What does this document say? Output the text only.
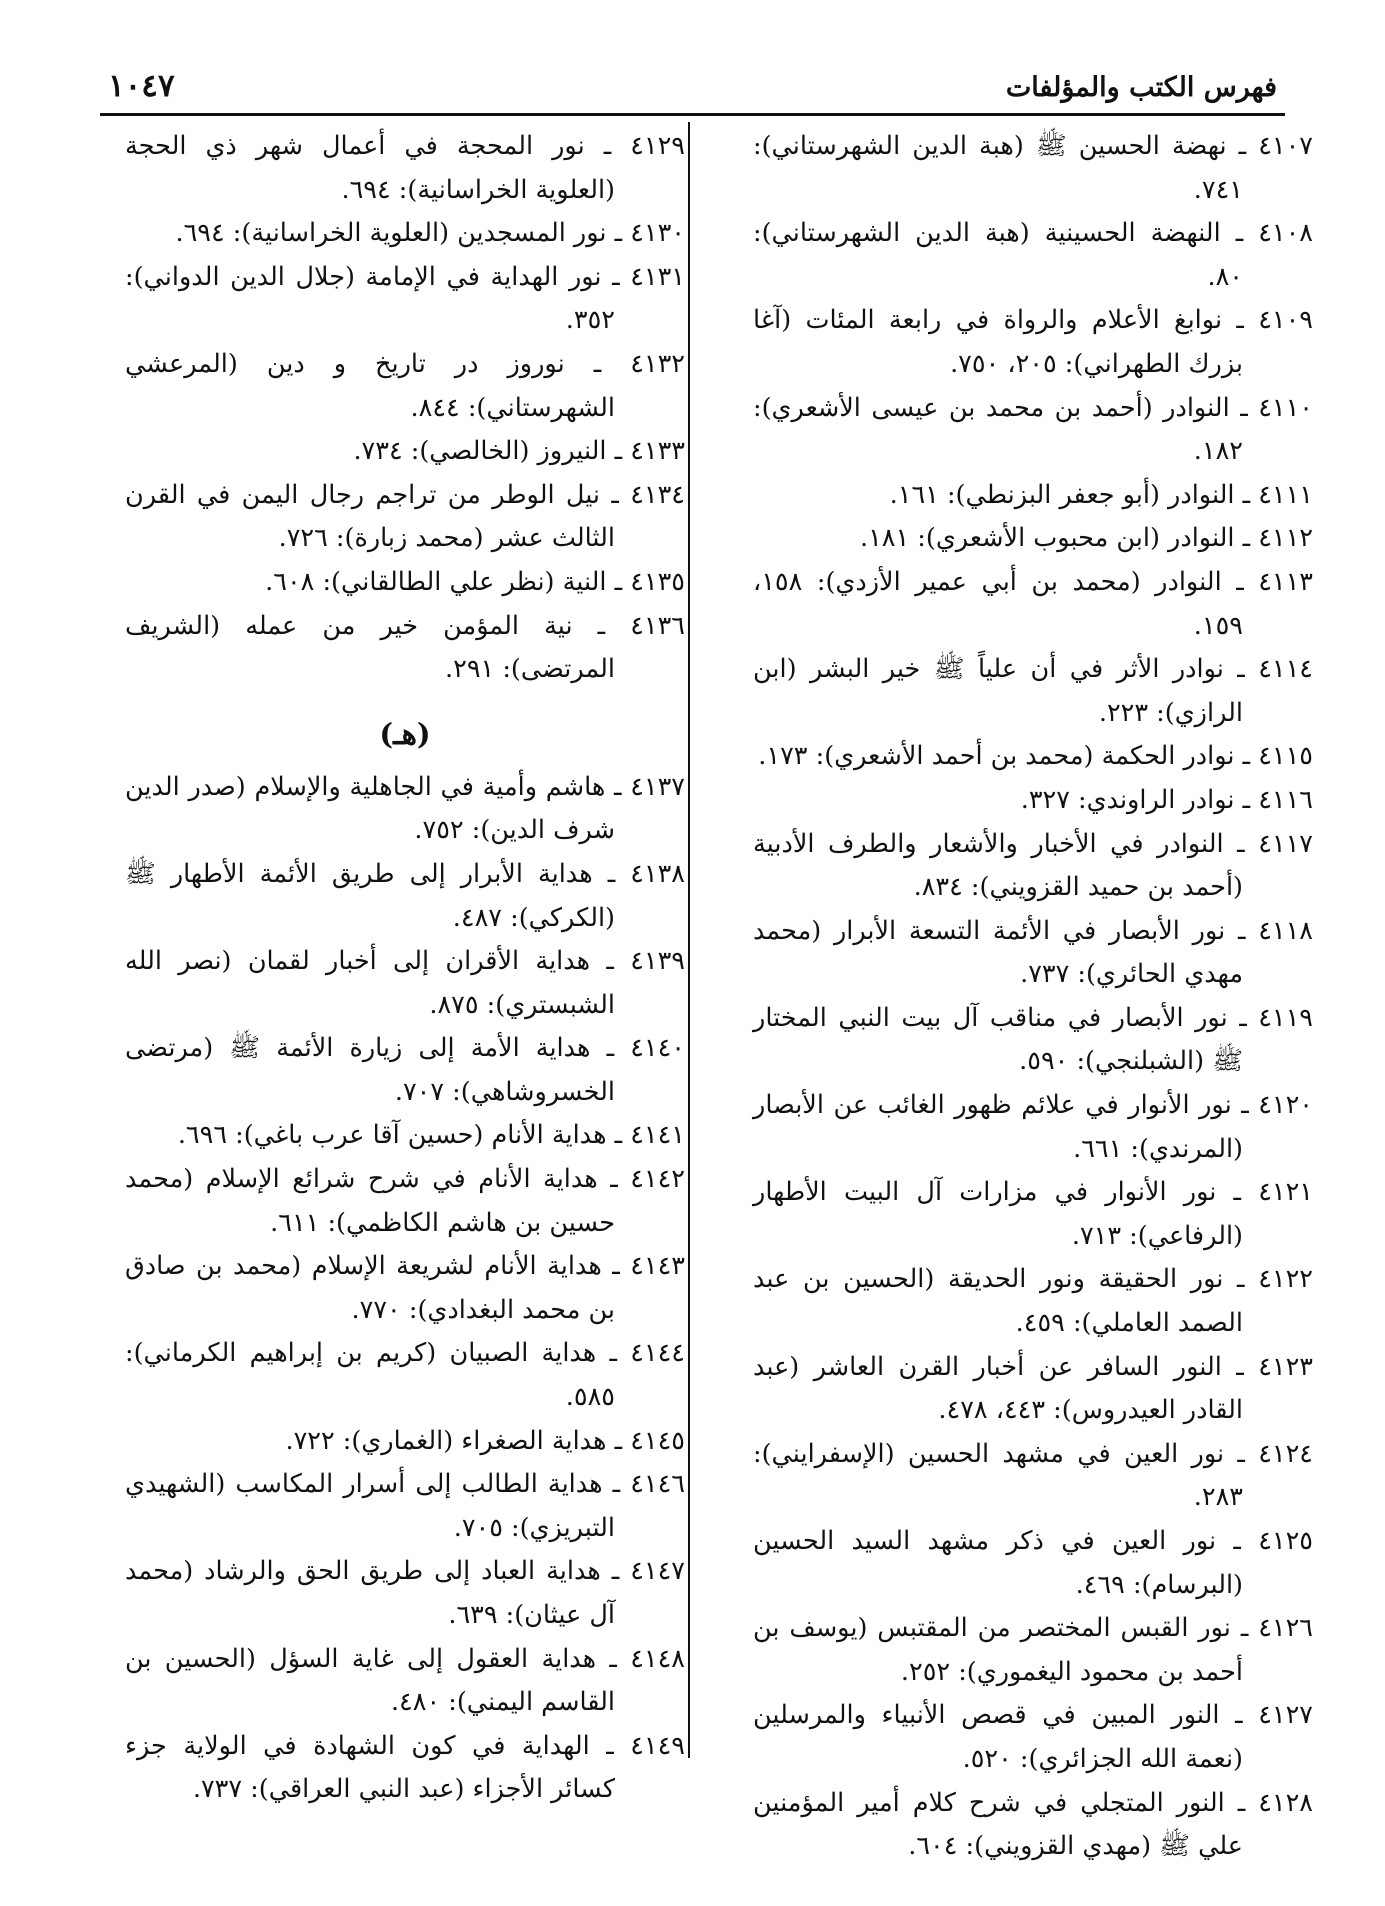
فهرس الكتب والمؤلفات
١٠٤٧
٤١٠٧ ـ نهضة الحسين ﷺ (هبة الدين الشهرستاني): ٧٤١.
٤١٠٨ ـ النهضة الحسينية (هبة الدين الشهرستاني): ٨٠.
٤١٠٩ ـ نوابغ الأعلام والرواة في رابعة المئات (آغا بزرك الطهراني): ٢٠٥، ٧٥٠.
٤١١٠ ـ النوادر (أحمد بن محمد بن عيسى الأشعري): ١٨٢.
٤١١١ ـ النوادر (أبو جعفر البزنطي): ١٦١.
٤١١٢ ـ النوادر (ابن محبوب الأشعري): ١٨١.
٤١١٣ ـ النوادر (محمد بن أبي عمير الأزدي): ١٥٨، ١٥٩.
٤١١٤ ـ نوادر الأثر في أن علياً ﷺ خير البشر (ابن الرازي): ٢٢٣.
٤١١٥ ـ نوادر الحكمة (محمد بن أحمد الأشعري): ١٧٣.
٤١١٦ ـ نوادر الراوندي: ٣٢٧.
٤١١٧ ـ النوادر في الأخبار والأشعار والطرف الأدبية (أحمد بن حميد القزويني): ٨٣٤.
٤١١٨ ـ نور الأبصار في الأئمة التسعة الأبرار (محمد مهدي الحائري): ٧٣٧.
٤١١٩ ـ نور الأبصار في مناقب آل بيت النبي المختار ﷺ (الشبلنجي): ٥٩٠.
٤١٢٠ ـ نور الأنوار في علائم ظهور الغائب عن الأبصار (المرندي): ٦٦١.
٤١٢١ ـ نور الأنوار في مزارات آل البيت الأطهار (الرفاعي): ٧١٣.
٤١٢٢ ـ نور الحقيقة ونور الحديقة (الحسين بن عبد الصمد العاملي): ٤٥٩.
٤١٢٣ ـ النور السافر عن أخبار القرن العاشر (عبد القادر العيدروس): ٤٤٣، ٤٧٨.
٤١٢٤ ـ نور العين في مشهد الحسين (الإسفرايني): ٢٨٣.
٤١٢٥ ـ نور العين في ذكر مشهد السيد الحسين (البرسام): ٤٦٩.
٤١٢٦ ـ نور القبس المختصر من المقتبس (يوسف بن أحمد بن محمود اليغموري): ٢٥٢.
٤١٢٧ ـ النور المبين في قصص الأنبياء والمرسلين (نعمة الله الجزائري): ٥٢٠.
٤١٢٨ ـ النور المتجلي في شرح كلام أمير المؤمنين علي ﷺ (مهدي القزويني): ٦٠٤.
٤١٢٩ ـ نور المحجة في أعمال شهر ذي الحجة (العلوية الخراسانية): ٦٩٤.
٤١٣٠ ـ نور المسجدين (العلوية الخراسانية): ٦٩٤.
٤١٣١ ـ نور الهداية في الإمامة (جلال الدين الدواني): ٣٥٢.
٤١٣٢ ـ نوروز در تاريخ و دين (المرعشي الشهرستاني): ٨٤٤.
٤١٣٣ ـ النيروز (الخالصي): ٧٣٤.
٤١٣٤ ـ نيل الوطر من تراجم رجال اليمن في القرن الثالث عشر (محمد زبارة): ٧٢٦.
٤١٣٥ ـ النية (نظر علي الطالقاني): ٦٠٨.
٤١٣٦ ـ نية المؤمن خير من عمله (الشريف المرتضى): ٢٩١.
(هـ)
٤١٣٧ ـ هاشم وأمية في الجاهلية والإسلام (صدر الدين شرف الدين): ٧٥٢.
٤١٣٨ ـ هداية الأبرار إلى طريق الأئمة الأطهار ﷺ (الكركي): ٤٨٧.
٤١٣٩ ـ هداية الأقران إلى أخبار لقمان (نصر الله الشبستري): ٨٧٥.
٤١٤٠ ـ هداية الأمة إلى زيارة الأئمة ﷺ (مرتضى الخسروشاهي): ٧٠٧.
٤١٤١ ـ هداية الأنام (حسين آقا عرب باغي): ٦٩٦.
٤١٤٢ ـ هداية الأنام في شرح شرائع الإسلام (محمد حسين بن هاشم الكاظمي): ٦١١.
٤١٤٣ ـ هداية الأنام لشريعة الإسلام (محمد بن صادق بن محمد البغدادي): ٧٧٠.
٤١٤٤ ـ هداية الصبيان (كريم بن إبراهيم الكرماني): ٥٨٥.
٤١٤٥ ـ هداية الصغراء (الغماري): ٧٢٢.
٤١٤٦ ـ هداية الطالب إلى أسرار المكاسب (الشهيدي التبريزي): ٧٠٥.
٤١٤٧ ـ هداية العباد إلى طريق الحق والرشاد (محمد آل عيثان): ٦٣٩.
٤١٤٨ ـ هداية العقول إلى غاية السؤل (الحسين بن القاسم اليمني): ٤٨٠.
٤١٤٩ ـ الهداية في كون الشهادة في الولاية جزء كسائر الأجزاء (عبد النبي العراقي): ٧٣٧.
